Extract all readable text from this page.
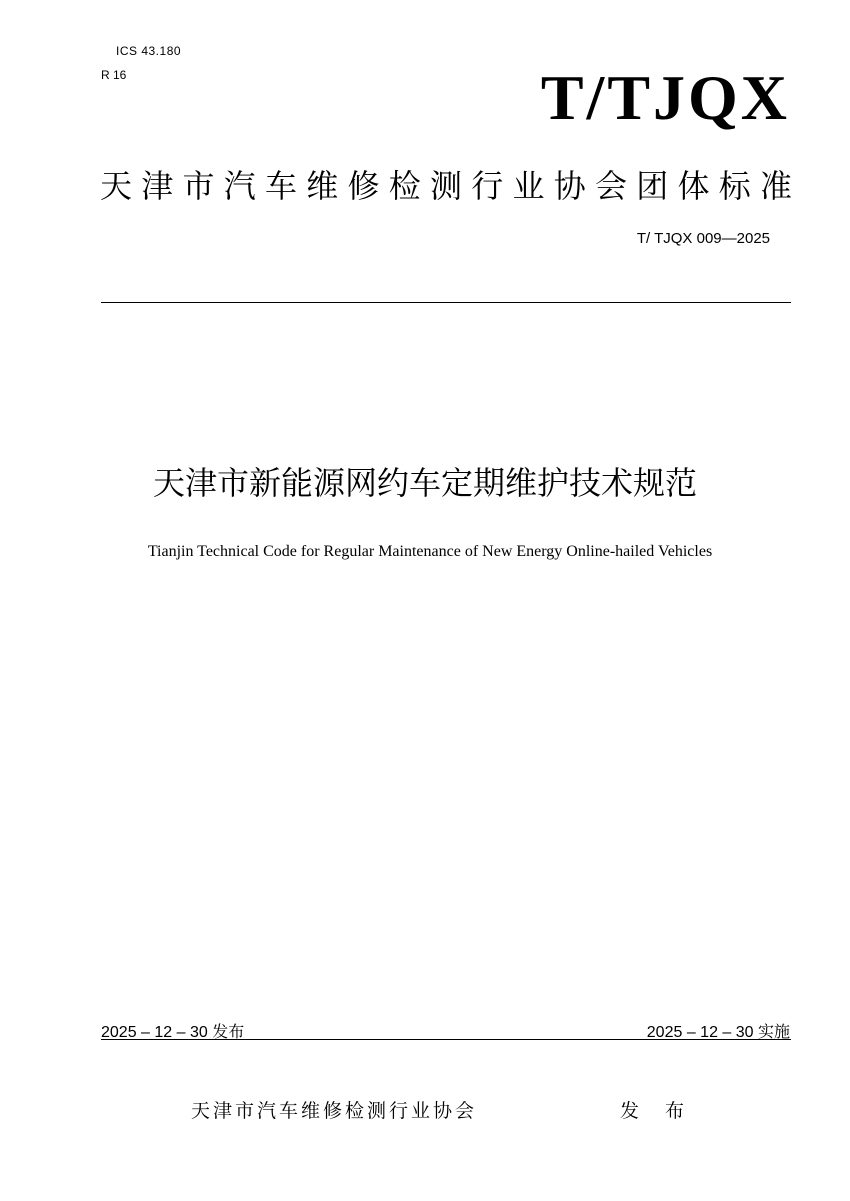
ICS 43.180
R 16	T/TJQX
天津市汽车维修检测行业协会团体标准
T/ TJQX 009—2025
天津市新能源网约车定期维护技术规范
Tianjin Technical Code for Regular Maintenance of New Energy Online-hailed Vehicles
2025 – 12 – 30 发布	2025 – 12 – 30 实施
天津市汽车维修检测行业协会	发 布
